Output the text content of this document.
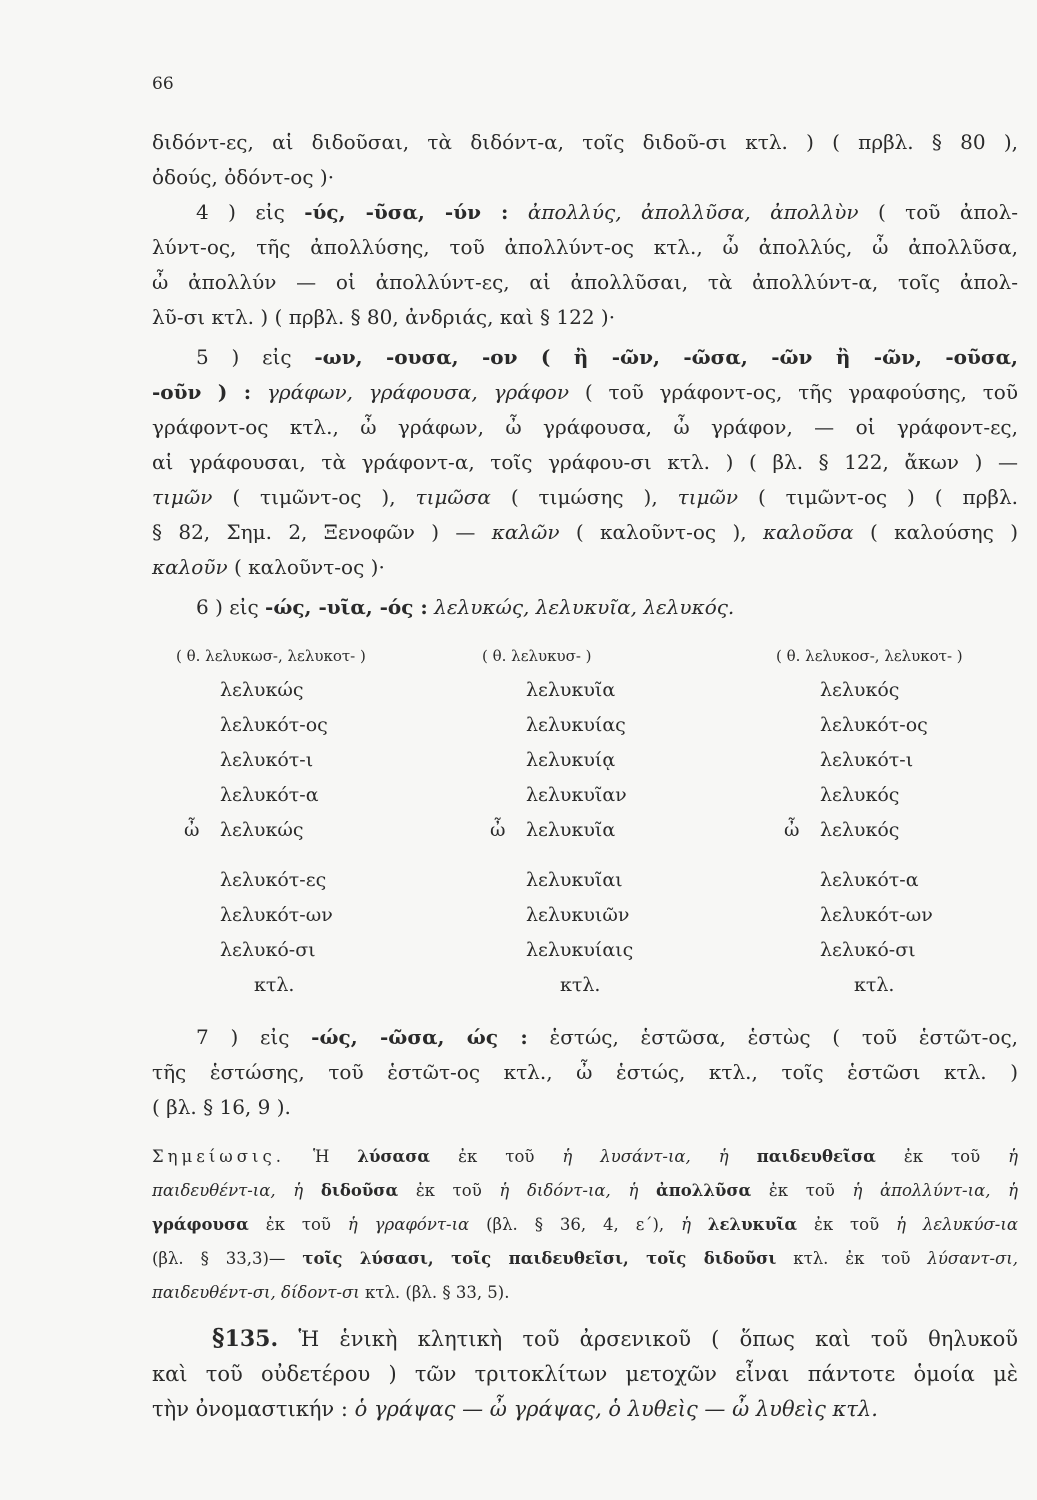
66
διδόντ-ες, αἱ διδοῦσαι, τὰ διδόντ-α, τοῖς διδοῦ-σι κτλ. ) ( πρβλ. § 80 ),
ὀδούς, ὀδόντ-ος )·
4 ) εἰς -ύς, -ῦσα, -ύν : ἀπολλύς, ἀπολλῦσα, ἀπολλὺν ( τοῦ ἀπολ-
λύντ-ος, τῆς ἀπολλύσης, τοῦ ἀπολλύντ-ος κτλ., ὦ ἀπολλύς, ὦ ἀπολλῦσα,
ὦ ἀπολλύν — οἱ ἀπολλύντ-ες, αἱ ἀπολλῦσαι, τὰ ἀπολλύντ-α, τοῖς ἀπολ-
λῦ-σι κτλ. ) ( πρβλ. § 80, ἀνδριάς, καὶ § 122 )·
5 ) εἰς -ων, -ουσα, -ον ( ἢ -ῶν, -ῶσα, -ῶν ἢ -ῶν, -οῦσα,
-οῦν ) : γράφων, γράφουσα, γράφον ( τοῦ γράφοντ-ος, τῆς γραφούσης, τοῦ
γράφοντ-ος κτλ., ὦ γράφων, ὦ γράφουσα, ὦ γράφον, — οἱ γράφοντ-ες,
αἱ γράφουσαι, τὰ γράφοντ-α, τοῖς γράφου-σι κτλ. ) ( βλ. § 122, ἄκων ) —
τιμῶν ( τιμῶντ-ος ), τιμῶσα ( τιμώσης ), τιμῶν ( τιμῶντ-ος ) ( πρβλ.
§ 82, Σημ. 2, Ξενοφῶν ) — καλῶν ( καλοῦντ-ος ), καλοῦσα ( καλούσης )
καλοῦν ( καλοῦντ-ος )·
6 ) εἰς -ώς, -υῖα, -ός : λελυκώς, λελυκυῖα, λελυκός.
( θ. λελυκωσ-, λελυκοτ- )
λελυκώς
λελυκότ-ος
λελυκότ-ι
λελυκότ-α
ὦ λελυκώς
λελυκότ-ες
λελυκότ-ων
λελυκό-σι
κτλ.
( θ. λελυκυσ- )
λελυκυῖα
λελυκυίας
λελυκυίᾳ
λελυκυῖαν
ὦ λελυκυῖα
λελυκυῖαι
λελυκυιῶν
λελυκυίαις
κτλ.
( θ. λελυκοσ-, λελυκοτ- )
λελυκός
λελυκότ-ος
λελυκότ-ι
λελυκός
ὦ λελυκός
λελυκότ-α
λελυκότ-ων
λελυκό-σι
κτλ.
7 ) εἰς -ώς, -ῶσα, ώς : ἑστώς, ἑστῶσα, ἑστὼς ( τοῦ ἑστῶτ-ος,
τῆς ἑστώσης, τοῦ ἑστῶτ-ος κτλ., ὦ ἑστώς, κτλ., τοῖς ἑστῶσι κτλ. )
( βλ. § 16, 9 ).
Σημείωσις. Ἡ λύσασα ἐκ τοῦ ἡ λυσάντ-ια, ἡ παιδευθεῖσα ἐκ τοῦ ἡ
παιδευθέντ-ια, ἡ διδοῦσα ἐκ τοῦ ἡ διδόντ-ια, ἡ ἀπολλῦσα ἐκ τοῦ ἡ ἀπολλύντ-ια, ἡ
γράφουσα ἐκ τοῦ ἡ γραφόντ-ια (βλ. § 36, 4, ε΄), ἡ λελυκυῖα ἐκ τοῦ ἡ λελυκύσ-ια
(βλ. § 33,3)— τοῖς λύσασι, τοῖς παιδευθεῖσι, τοῖς διδοῦσι κτλ. ἐκ τοῦ λύσαντ-σι,
παιδευθέντ-σι, δίδοντ-σι κτλ. (βλ. § 33, 5).
§135. Ἡ ἑνικὴ κλητικὴ τοῦ ἀρσενικοῦ ( ὅπως καὶ τοῦ θηλυκοῦ
καὶ τοῦ οὐδετέρου ) τῶν τριτοκλίτων μετοχῶν εἶναι πάντοτε ὁμοία μὲ
τὴν ὀνομαστικήν : ὁ γράψας — ὦ γράψας, ὁ λυθεὶς — ὦ λυθεὶς κτλ.
